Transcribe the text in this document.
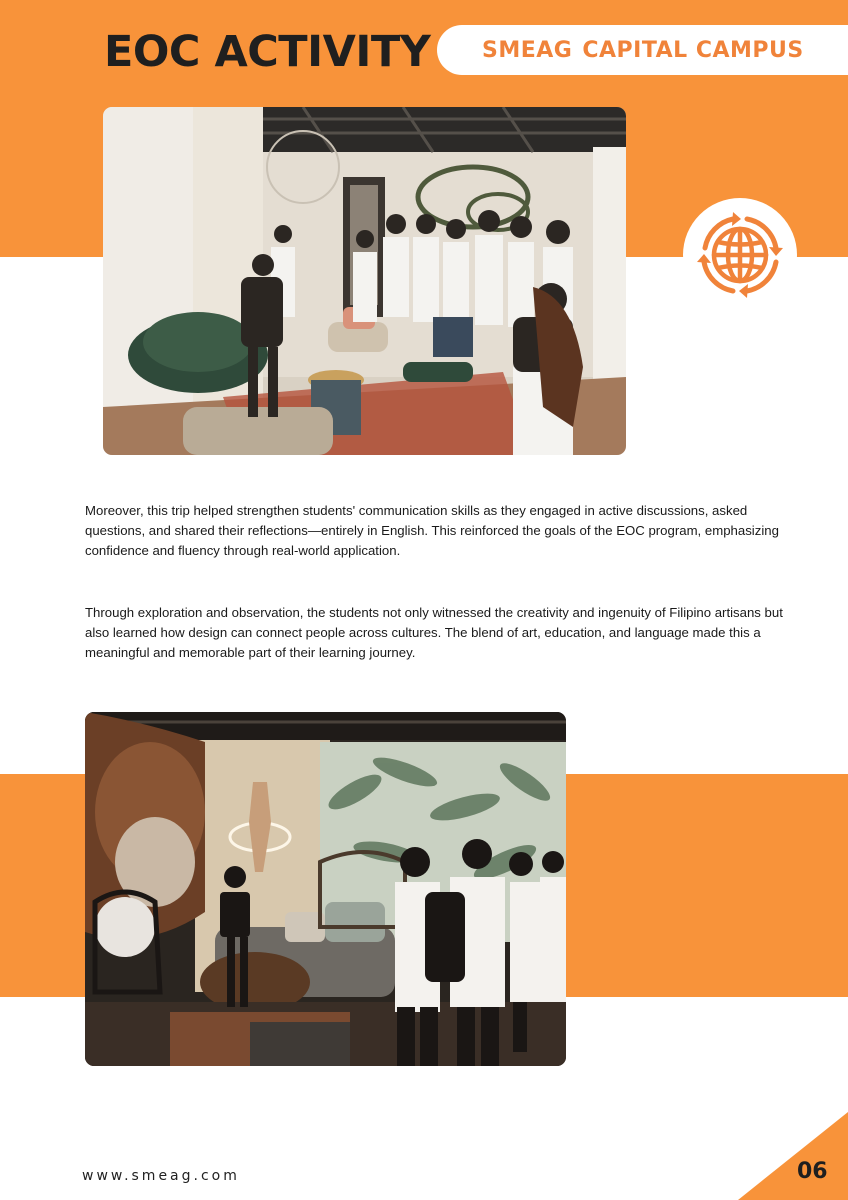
EOC ACTIVITY SMEAG CAPITAL CAMPUS

Moreover, this trip helped strengthen students' communication skills as they engaged in active discussions, asked questions, and shared their reflections—entirely in English. This reinforced the goals of the EOC program, emphasizing confidence and fluency through real-world application.

Through exploration and observation, the students not only witnessed the creativity and ingenuity of Filipino artisans but also learned how design can connect people across cultures. The blend of art, education, and language made this a meaningful and memorable part of their learning journey.

www.smeag.com	06
